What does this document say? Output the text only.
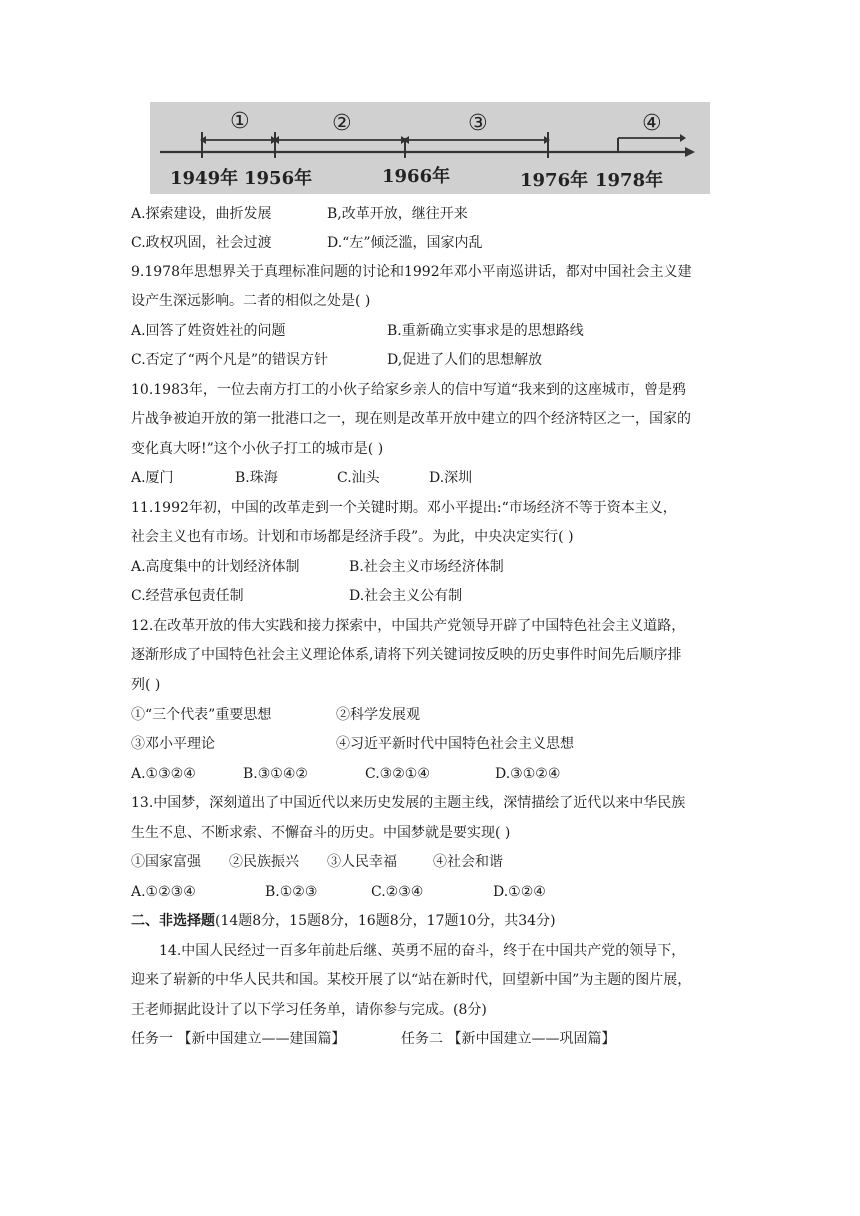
①	②	③	④
1949年 1956年	1966年	1976年 1978年
A.探索建设，曲折发展	B,改革开放，继往开来
C.政权巩固，社会过渡	D.“左”倾泛滥，国家内乱
9.1978年思想界关于真理标准问题的讨论和1992年邓小平南巡讲话，都对中国社会主义建
设产生深远影响。二者的相似之处是( )
A.回答了姓资姓社的问题	B.重新确立实事求是的思想路线
C.否定了“两个凡是”的错误方针	D,促进了人们的思想解放
10.1983年，一位去南方打工的小伙子给家乡亲人的信中写道“我来到的这座城市，曾是鸦
片战争被迫开放的第一批港口之一，现在则是改革开放中建立的四个经济特区之一，国家的
变化真大呀!”这个小伙子打工的城市是( )
A.厦门	B.珠海	C.汕头	D.深圳
11.1992年初，中国的改革走到一个关键时期。邓小平提出:“市场经济不等于资本主义，
社会主义也有市场。计划和市场都是经济手段”。为此，中央决定实行( )
A.高度集中的计划经济体制	B.社会主义市场经济体制
C.经营承包责任制	D.社会主义公有制
12.在改革开放的伟大实践和接力探索中，中国共产党领导开辟了中国特色社会主义道路，
逐渐形成了中国特色社会主义理论体系,请将下列关键词按反映的历史事件时间先后顺序排
列( )
①“三个代表”重要思想	②科学发展观
③邓小平理论	④习近平新时代中国特色社会主义思想
A.①③②④	B.③①④②	C.③②①④	D.③①②④
13.中国梦，深刻道出了中国近代以来历史发展的主题主线，深情描绘了近代以来中华民族
生生不息、不断求索、不懈奋斗的历史。中国梦就是要实现( )
①国家富强 ②民族振兴 ③人民幸福	④社会和谐
A.①②③④	B.①②③	C.②③④	D.①②④
二、非选择题(14题8分，15题8分，16题8分，17题10分，共34分)
14.中国人民经过一百多年前赴后继、英勇不屈的奋斗，终于在中国共产党的领导下，
迎来了崭新的中华人民共和国。某校开展了以“站在新时代，回望新中国”为主题的图片展，
王老师据此设计了以下学习任务单，请你参与完成。(8分)
任务一 【新中国建立——建国篇】	任务二 【新中国建立——巩固篇】
